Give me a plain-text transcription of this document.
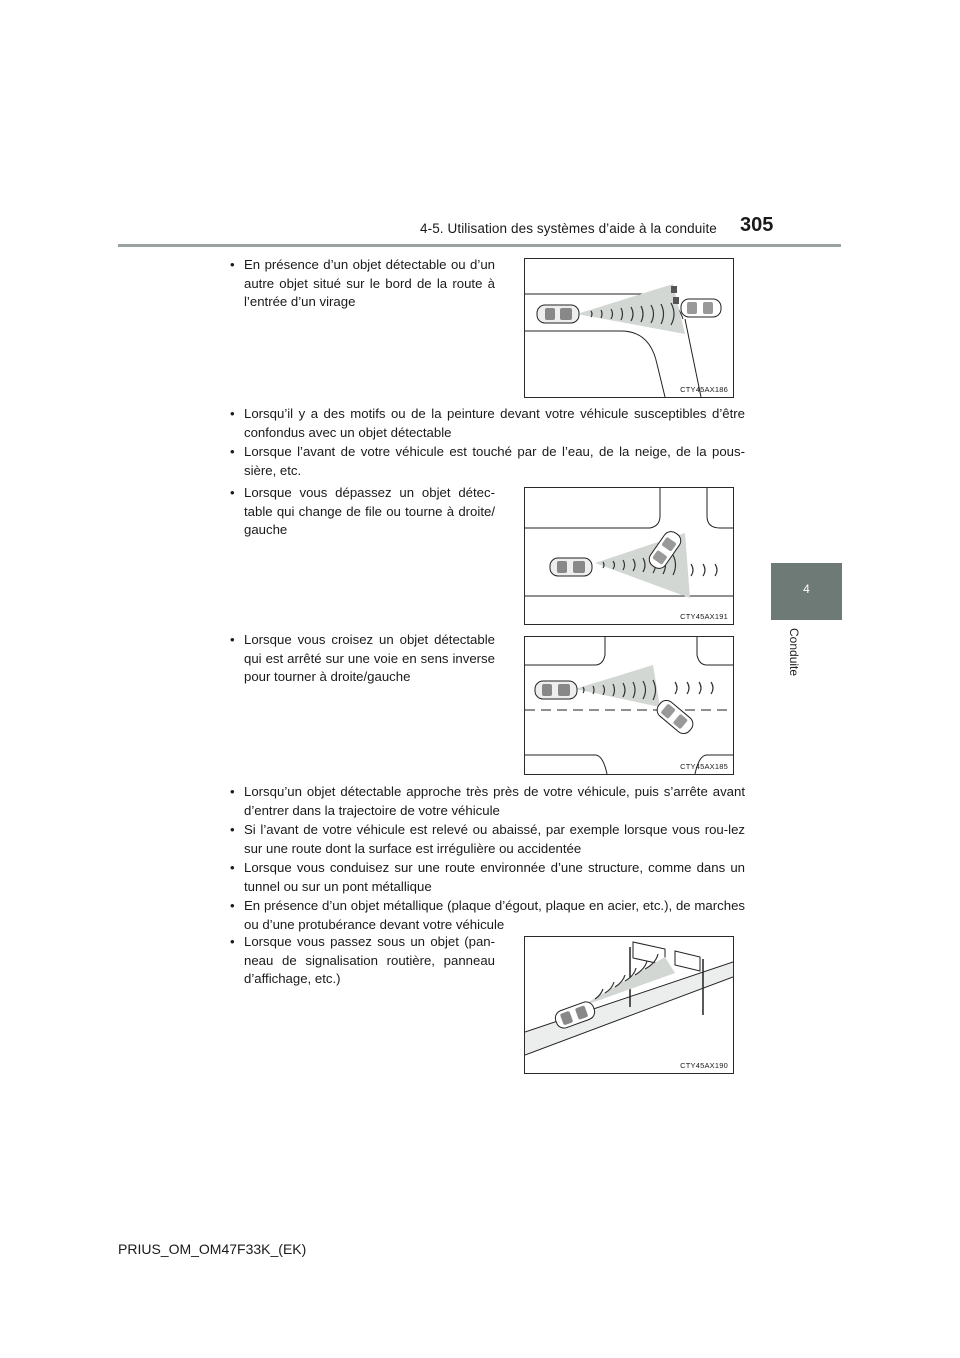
4-5. Utilisation des systèmes d’aide à la conduite 305
4
Conduite
• En présence d’un objet détectable ou d’un autre objet situé sur le bord de la route à l’entrée d’un virage
CTY45AX186
• Lorsqu’il y a des motifs ou de la peinture devant votre véhicule susceptibles d’être confondus avec un objet détectable
• Lorsque l’avant de votre véhicule est touché par de l’eau, de la neige, de la pous-sière, etc.
• Lorsque vous dépassez un objet détec-table qui change de file ou tourne à droite/ gauche
CTY45AX191
• Lorsque vous croisez un objet détectable qui est arrêté sur une voie en sens inverse pour tourner à droite/gauche
CTY45AX185
• Lorsqu’un objet détectable approche très près de votre véhicule, puis s’arrête avant d’entrer dans la trajectoire de votre véhicule
• Si l’avant de votre véhicule est relevé ou abaissé, par exemple lorsque vous rou-lez sur une route dont la surface est irrégulière ou accidentée
• Lorsque vous conduisez sur une route environnée d’une structure, comme dans un tunnel ou sur un pont métallique
• En présence d’un objet métallique (plaque d’égout, plaque en acier, etc.), de marches ou d’une protubérance devant votre véhicule
• Lorsque vous passez sous un objet (pan-neau de signalisation routière, panneau d’affichage, etc.)
CTY45AX190
PRIUS_OM_OM47F33K_(EK)
